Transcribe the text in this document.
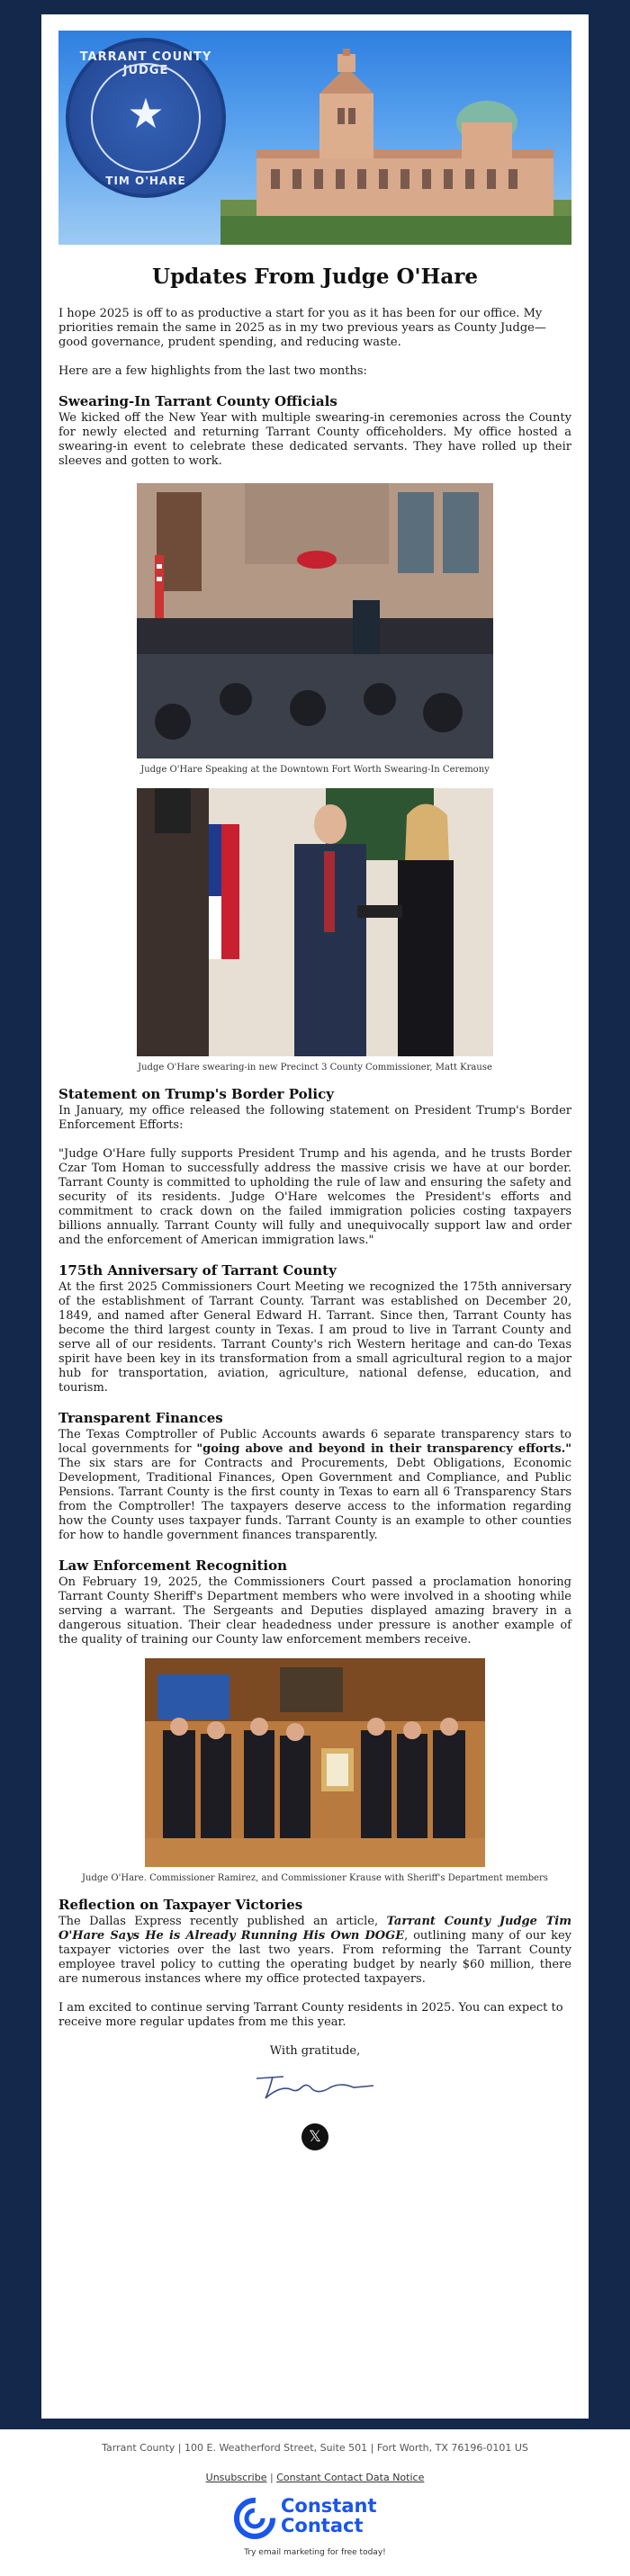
TARRANT COUNTY JUDGE
★
TIM O'HARE
Updates From Judge O'Hare

I hope 2025 is off to as productive a start for you as it has been for our office. My priorities remain the same in 2025 as in my two previous years as County Judge—good governance, prudent spending, and reducing waste.

Here are a few highlights from the last two months:

Swearing-In Tarrant County Officials

We kicked off the New Year with multiple swearing-in ceremonies across the County for newly elected and returning Tarrant County officeholders. My office hosted a swearing-in event to celebrate these dedicated servants. They have rolled up their sleeves and gotten to work.

Judge O'Hare Speaking at the Downtown Fort Worth Swearing-In Ceremony
Judge O'Hare swearing-in new Precinct 3 County Commissioner, Matt Krause
Statement on Trump's Border Policy

In January, my office released the following statement on President Trump's Border Enforcement Efforts:

"Judge O'Hare fully supports President Trump and his agenda, and he trusts Border Czar Tom Homan to successfully address the massive crisis we have at our border. Tarrant County is committed to upholding the rule of law and ensuring the safety and security of its residents. Judge O'Hare welcomes the President's efforts and commitment to crack down on the failed immigration policies costing taxpayers billions annually. Tarrant County will fully and unequivocally support law and order and the enforcement of American immigration laws."

175th Anniversary of Tarrant County

At the first 2025 Commissioners Court Meeting we recognized the 175th anniversary of the establishment of Tarrant County. Tarrant was established on December 20, 1849, and named after General Edward H. Tarrant. Since then, Tarrant County has become the third largest county in Texas. I am proud to live in Tarrant County and serve all of our residents. Tarrant County's rich Western heritage and can-do Texas spirit have been key in its transformation from a small agricultural region to a major hub for transportation, aviation, agriculture, national defense, education, and tourism.

Transparent Finances

The Texas Comptroller of Public Accounts awards 6 separate transparency stars to local governments for "going above and beyond in their transparency efforts." The six stars are for Contracts and Procurements, Debt Obligations, Economic Development, Traditional Finances, Open Government and Compliance, and Public Pensions. Tarrant County is the first county in Texas to earn all 6 Transparency Stars from the Comptroller! The taxpayers deserve access to the information regarding how the County uses taxpayer funds. Tarrant County is an example to other counties for how to handle government finances transparently.

Law Enforcement Recognition

On February 19, 2025, the Commissioners Court passed a proclamation honoring Tarrant County Sheriff's Department members who were involved in a shooting while serving a warrant. The Sergeants and Deputies displayed amazing bravery in a dangerous situation. Their clear headedness under pressure is another example of the quality of training our County law enforcement members receive.

Judge O'Hare. Commissioner Ramirez, and Commissioner Krause with Sheriff's Department members
Reflection on Taxpayer Victories

The Dallas Express recently published an article, Tarrant County Judge Tim O'Hare Says He is Already Running His Own DOGE, outlining many of our key taxpayer victories over the last two years. From reforming the Tarrant County employee travel policy to cutting the operating budget by nearly $60 million, there are numerous instances where my office protected taxpayers.

I am excited to continue serving Tarrant County residents in 2025. You can expect to receive more regular updates from me this year.

With gratitude,

𝕏
Tarrant County | 100 E. Weatherford Street, Suite 501 | Fort Worth, TX 76196-0101 US
Unsubscribe | Constant Contact Data Notice
Constant
Contact
Try email marketing for free today!
